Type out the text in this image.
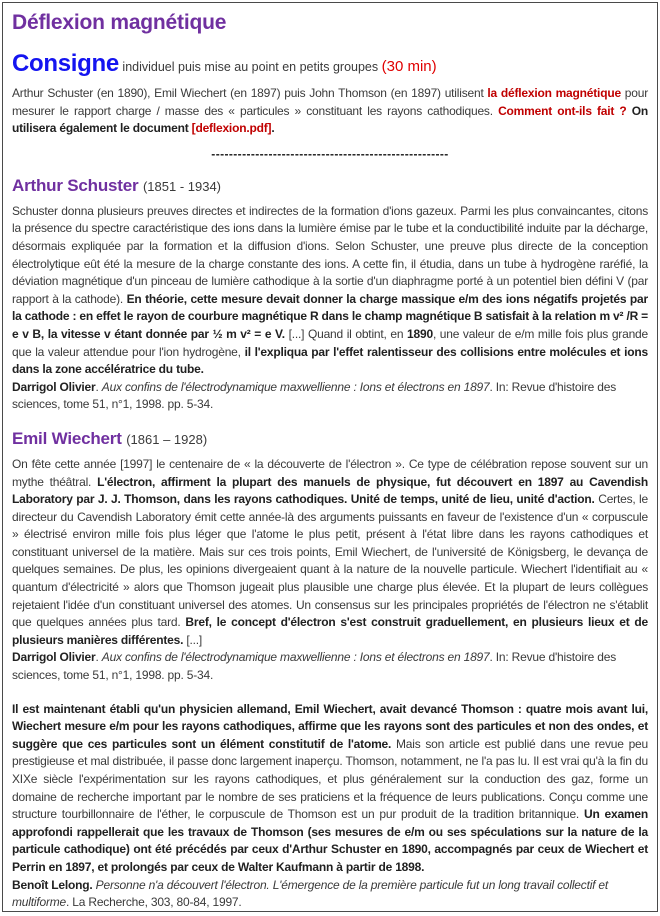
Déflexion magnétique

Consigne individuel puis mise au point en petits groupes (30 min)

Arthur Schuster (en 1890), Emil Wiechert (en 1897) puis John Thomson (en 1897) utilisent la déflexion magnétique pour mesurer le rapport charge / masse des « particules » constituant les rayons cathodiques. Comment ont-ils fait ? On utilisera également le document [deflexion.pdf].

------------------------------------------------------
Arthur Schuster (1851 - 1934)

Schuster donna plusieurs preuves directes et indirectes de la formation d'ions gazeux. Parmi les plus convaincantes, citons la présence du spectre caractéristique des ions dans la lumière émise par le tube et la conductibilité induite par la décharge, désormais expliquée par la formation et la diffusion d'ions. Selon Schuster, une preuve plus directe de la conception électrolytique eût été la mesure de la charge constante des ions. A cette fin, il étudia, dans un tube à hydrogène raréfié, la déviation magnétique d'un pinceau de lumière cathodique à la sortie d'un diaphragme porté à un potentiel bien défini V (par rapport à la cathode). En théorie, cette mesure devait donner la charge massique e/m des ions négatifs projetés par la cathode : en effet le rayon de courbure magnétique R dans le champ magnétique B satisfait à la relation m v² /R = e v B, la vitesse v étant donnée par ½ m v² = e V. [...] Quand il obtint, en 1890, une valeur de e/m mille fois plus grande que la valeur attendue pour l'ion hydrogène, il l'expliqua par l'effet ralentisseur des collisions entre molécules et ions dans la zone accélératrice du tube.

Darrigol Olivier. Aux confins de l'électrodynamique maxwellienne : Ions et électrons en 1897. In: Revue d'histoire des sciences, tome 51, n°1, 1998. pp. 5-34.

Emil Wiechert (1861 – 1928)

On fête cette année [1997] le centenaire de « la découverte de l'électron ». Ce type de célébration repose souvent sur un mythe théâtral. L'électron, affirment la plupart des manuels de physique, fut découvert en 1897 au Cavendish Laboratory par J. J. Thomson, dans les rayons cathodiques. Unité de temps, unité de lieu, unité d'action. Certes, le directeur du Cavendish Laboratory émit cette année-là des arguments puissants en faveur de l'existence d'un « corpuscule » électrisé environ mille fois plus léger que l'atome le plus petit, présent à l'état libre dans les rayons cathodiques et constituant universel de la matière. Mais sur ces trois points, Emil Wiechert, de l'université de Königsberg, le devança de quelques semaines. De plus, les opinions divergeaient quant à la nature de la nouvelle particule. Wiechert l'identifiait au « quantum d'électricité » alors que Thomson jugeait plus plausible une charge plus élevée. Et la plupart de leurs collègues rejetaient l'idée d'un constituant universel des atomes. Un consensus sur les principales propriétés de l'électron ne s'établit que quelques années plus tard. Bref, le concept d'électron s'est construit graduellement, en plusieurs lieux et de plusieurs manières différentes. [...]

Darrigol Olivier. Aux confins de l'électrodynamique maxwellienne : Ions et électrons en 1897. In: Revue d'histoire des sciences, tome 51, n°1, 1998. pp. 5-34.

Il est maintenant établi qu'un physicien allemand, Emil Wiechert, avait devancé Thomson : quatre mois avant lui, Wiechert mesure e/m pour les rayons cathodiques, affirme que les rayons sont des particules et non des ondes, et suggère que ces particules sont un élément constitutif de l'atome. Mais son article est publié dans une revue peu prestigieuse et mal distribuée, il passe donc largement inaperçu. Thomson, notamment, ne l'a pas lu. Il est vrai qu'à la fin du XIXe siècle l'expérimentation sur les rayons cathodiques, et plus généralement sur la conduction des gaz, forme un domaine de recherche important par le nombre de ses praticiens et la fréquence de leurs publications. Conçu comme une structure tourbillonnaire de l'éther, le corpuscule de Thomson est un pur produit de la tradition britannique. Un examen approfondi rappellerait que les travaux de Thomson (ses mesures de e/m ou ses spéculations sur la nature de la particule cathodique) ont été précédés par ceux d'Arthur Schuster en 1890, accompagnés par ceux de Wiechert et Perrin en 1897, et prolongés par ceux de Walter Kaufmann à partir de 1898.

Benoît Lelong. Personne n'a découvert l'électron. L'émergence de la première particule fut un long travail collectif et multiforme. La Recherche, 303, 80-84, 1997.
